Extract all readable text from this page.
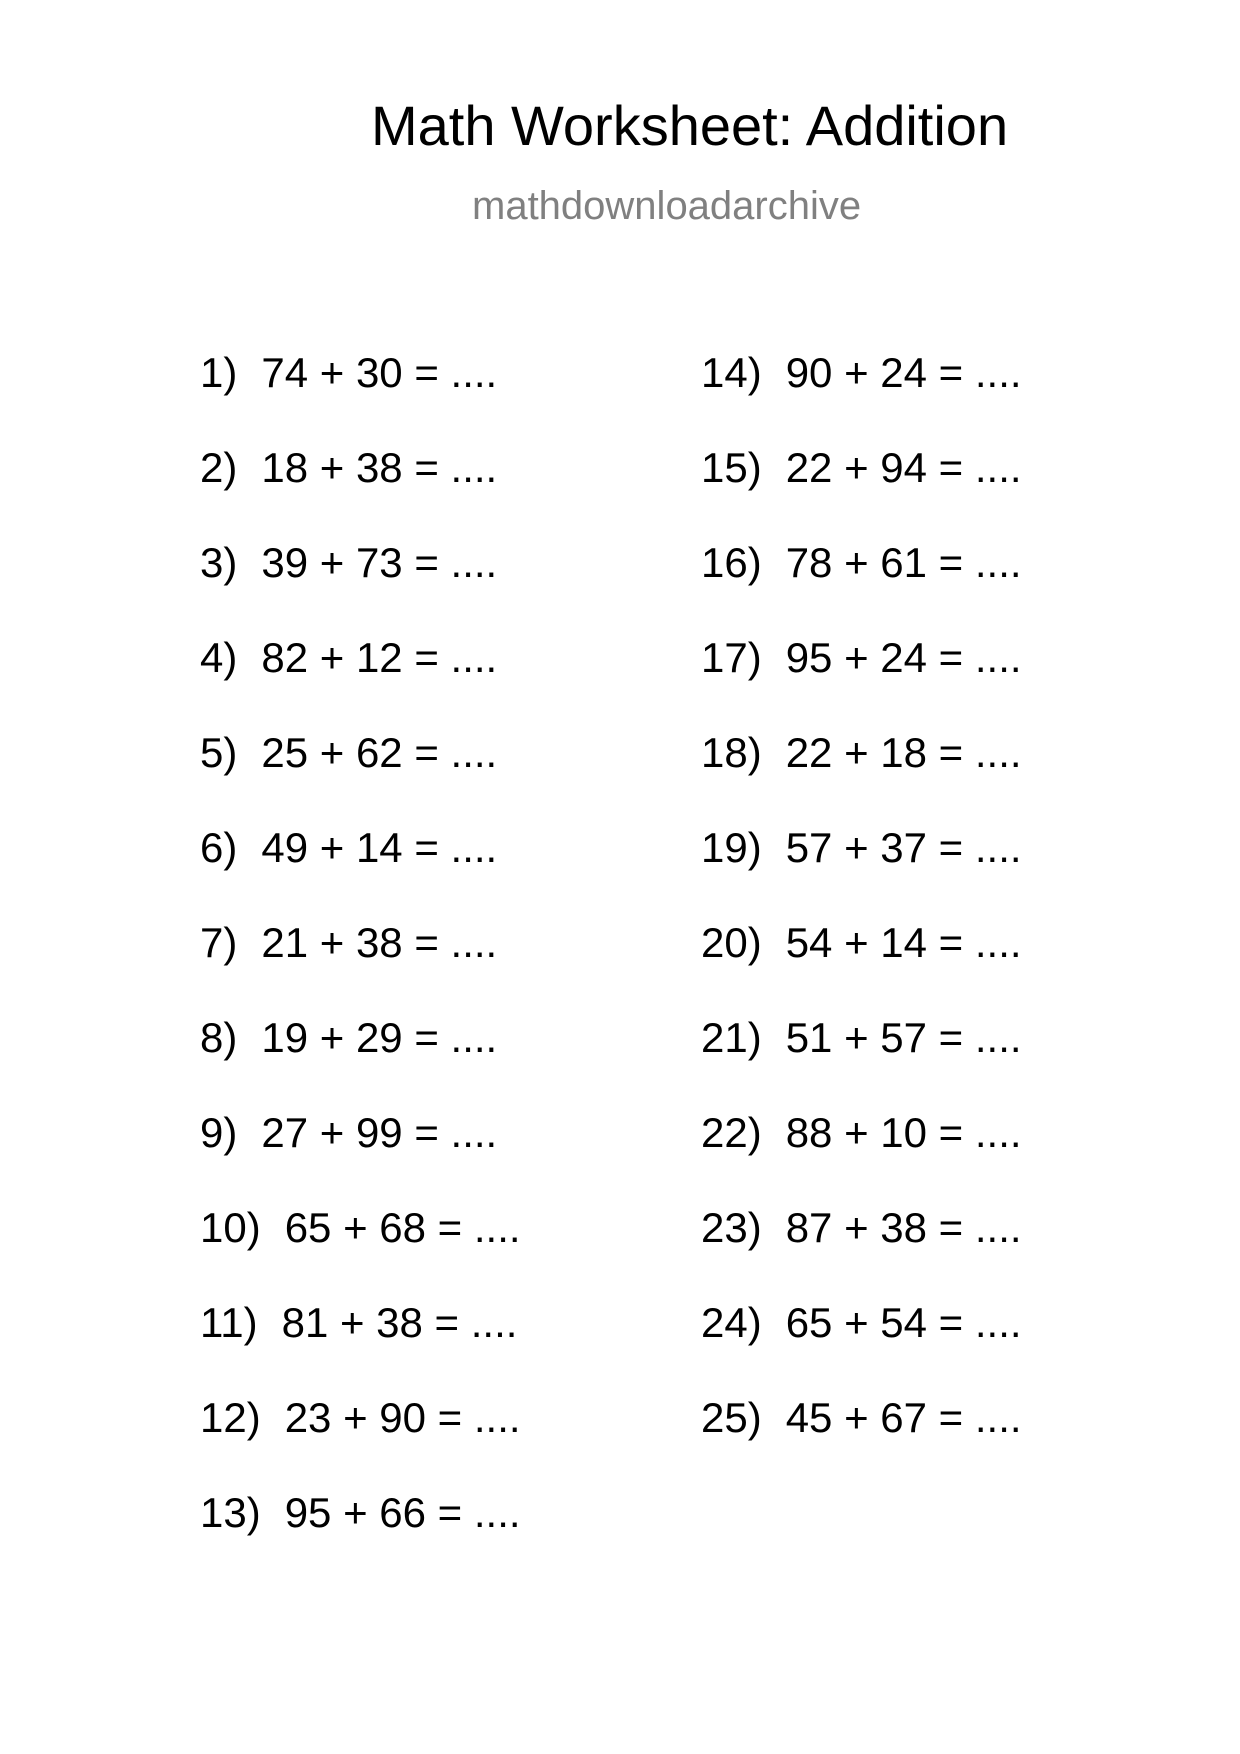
Math Worksheet: Addition
mathdownloadarchive
1) 74 + 30 = ....
2) 18 + 38 = ....
3) 39 + 73 = ....
4) 82 + 12 = ....
5) 25 + 62 = ....
6) 49 + 14 = ....
7) 21 + 38 = ....
8) 19 + 29 = ....
9) 27 + 99 = ....
10) 65 + 68 = ....
11) 81 + 38 = ....
12) 23 + 90 = ....
13) 95 + 66 = ....
14) 90 + 24 = ....
15) 22 + 94 = ....
16) 78 + 61 = ....
17) 95 + 24 = ....
18) 22 + 18 = ....
19) 57 + 37 = ....
20) 54 + 14 = ....
21) 51 + 57 = ....
22) 88 + 10 = ....
23) 87 + 38 = ....
24) 65 + 54 = ....
25) 45 + 67 = ....
